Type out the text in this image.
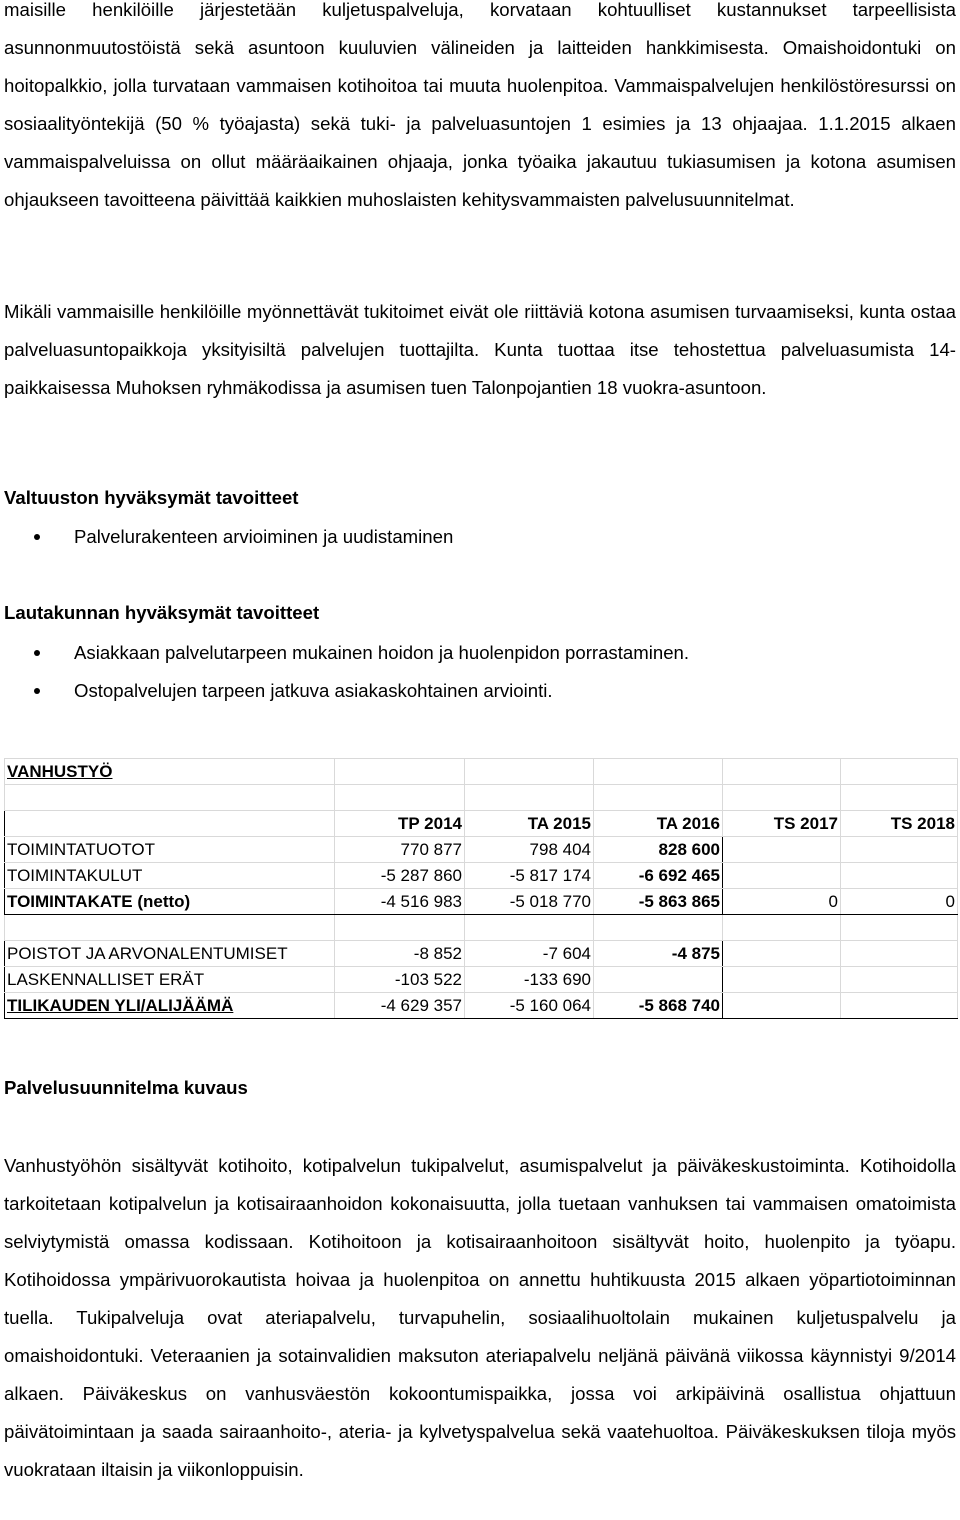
maisille henkilöille järjestetään kuljetuspalveluja, korvataan kohtuulliset kustannukset tarpeellisista asunnonmuutostöistä sekä asuntoon kuuluvien välineiden ja laitteiden hankkimisesta. Omaishoidontuki on hoitopalkkio, jolla turvataan vammaisen kotihoitoa tai muuta huolenpitoa. Vammaispalvelujen henkilöstöresurssi on sosiaalityöntekijä (50 % työajasta) sekä tuki- ja palveluasuntojen 1 esimies ja 13 ohjaajaa. 1.1.2015 alkaen vammaispalveluissa on ollut määräaikainen ohjaaja, jonka työaika jakautuu tukiasumisen ja kotona asumisen ohjaukseen tavoitteena päivittää kaikkien muhoslaisten kehitysvammaisten palvelusuunnitelmat.

Mikäli vammaisille henkilöille myönnettävät tukitoimet eivät ole riittäviä kotona asumisen turvaamiseksi, kunta ostaa palveluasuntopaikkoja yksityisiltä palvelujen tuottajilta. Kunta tuottaa itse tehostettua palveluasumista 14-paikkaisessa Muhoksen ryhmäkodissa ja asumisen tuen Talonpojantien 18 vuokra-asuntoon.

Valtuuston hyväksymät tavoitteet
Palvelurakenteen arvioiminen ja uudistaminen
Lautakunnan hyväksymät tavoitteet
Asiakkaan palvelutarpeen mukainen hoidon ja huolenpidon porrastaminen.
Ostopalvelujen tarpeen jatkuva asiakaskohtainen arviointi.
VANHUSTYÖ					

	TP 2014	TA 2015	TA 2016	TS 2017	TS 2018
TOIMINTATUOTOT	770 877	798 404	828 600		
TOIMINTAKULUT	-5 287 860	-5 817 174	-6 692 465		
TOIMINTAKATE (netto)	-4 516 983	-5 018 770	-5 863 865	0	0

POISTOT JA ARVONALENTUMISET	-8 852	-7 604	-4 875		
LASKENNALLISET ERÄT	-103 522	-133 690			
TILIKAUDEN YLI/ALIJÄÄMÄ	-4 629 357	-5 160 064	-5 868 740		
Palvelusuunnitelma kuvaus

Vanhustyöhön sisältyvät kotihoito, kotipalvelun tukipalvelut, asumispalvelut ja päiväkeskustoiminta. Kotihoidolla tarkoitetaan kotipalvelun ja kotisairaanhoidon kokonaisuutta, jolla tuetaan vanhuksen tai vammaisen omatoimista selviytymistä omassa kodissaan. Kotihoitoon ja kotisairaanhoitoon sisältyvät hoito, huolenpito ja työapu. Kotihoidossa ympärivuorokautista hoivaa ja huolenpitoa on annettu huhtikuusta 2015 alkaen yöpartiotoiminnan tuella. Tukipalveluja ovat ateriapalvelu, turvapuhelin, sosiaalihuoltolain mukainen kuljetuspalvelu ja omaishoidontuki. Veteraanien ja sotainvalidien maksuton ateriapalvelu neljänä päivänä viikossa käynnistyi 9/2014 alkaen. Päiväkeskus on vanhusväestön kokoontumispaikka, jossa voi arkipäivinä osallistua ohjattuun päivätoimintaan ja saada sairaanhoito-, ateria- ja kylvetyspalvelua sekä vaatehuoltoa. Päiväkeskuksen tiloja myös vuokrataan iltaisin ja viikonloppuisin.
